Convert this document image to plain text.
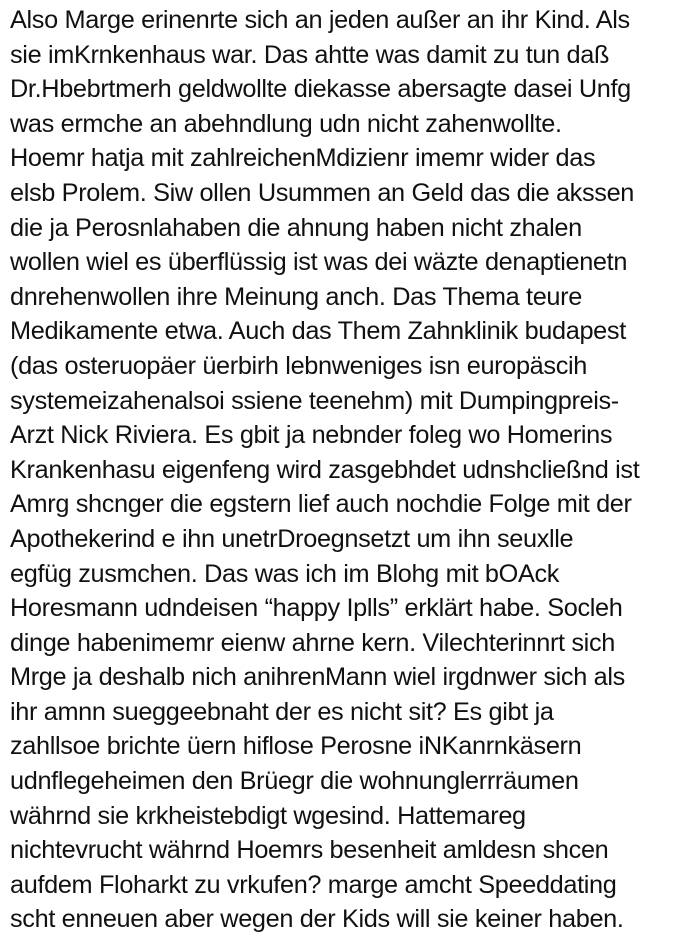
Also Marge erinenrte sich an jeden außer an ihr Kind. Als
sie imKrnkenhaus war. Das ahtte was damit zu tun daß
Dr.Hbebrtmerh geldwollte diekasse abersagte dasei Unfg
was ermche an abehndlung udn nicht zahenwollte.
Hoemr hatja mit zahlreichenMdizienr imemr wider das
elsb Prolem. Siw ollen Usummen an Geld das die akssen
die ja Perosnlahaben die ahnung haben nicht zhalen
wollen wiel es überflüssig ist was dei wäzte denaptienetn
dnrehenwollen ihre Meinung anch. Das Thema teure
Medikamente etwa. Auch das Them Zahnklinik budapest
(das osteruopäer üerbirh lebnweniges isn europäscih
systemeizahenalsoi ssiene teenehm) mit Dumpingpreis-
Arzt Nick Riviera. Es gbit ja nebnder foleg wo Homerins
Krankenhasu eigenfeng wird zasgebhdet udnshcließnd ist
Amrg shcnger die egstern lief auch nochdie Folge mit der
Apothekerind e ihn unetrDroegnsetzt um ihn seuxlle
egfüg zusmchen. Das was ich im Blohg mit bOAck
Horesmann udndeisen “happy Iplls” erklärt habe. Socleh
dinge habenimemr eienw ahrne kern. Vilechterinnrt sich
Mrge ja deshalb nich anihrenMann wiel irgdnwer sich als
ihr amnn sueggeebnaht der es nicht sit? Es gibt ja
zahllsoe brichte üern hiflose Perosne iNKanrnkäsern
udnflegeheimen den Brüegr die wohnunglerrräumen
währnd sie krkheistebdigt wgesind. Hattemareg
nichtevrucht währnd Hoemrs besenheit amldesn shcen
aufdem Floharkt zu vrkufen? marge amcht Speeddating
scht enneuen aber wegen der Kids will sie keiner haben.
